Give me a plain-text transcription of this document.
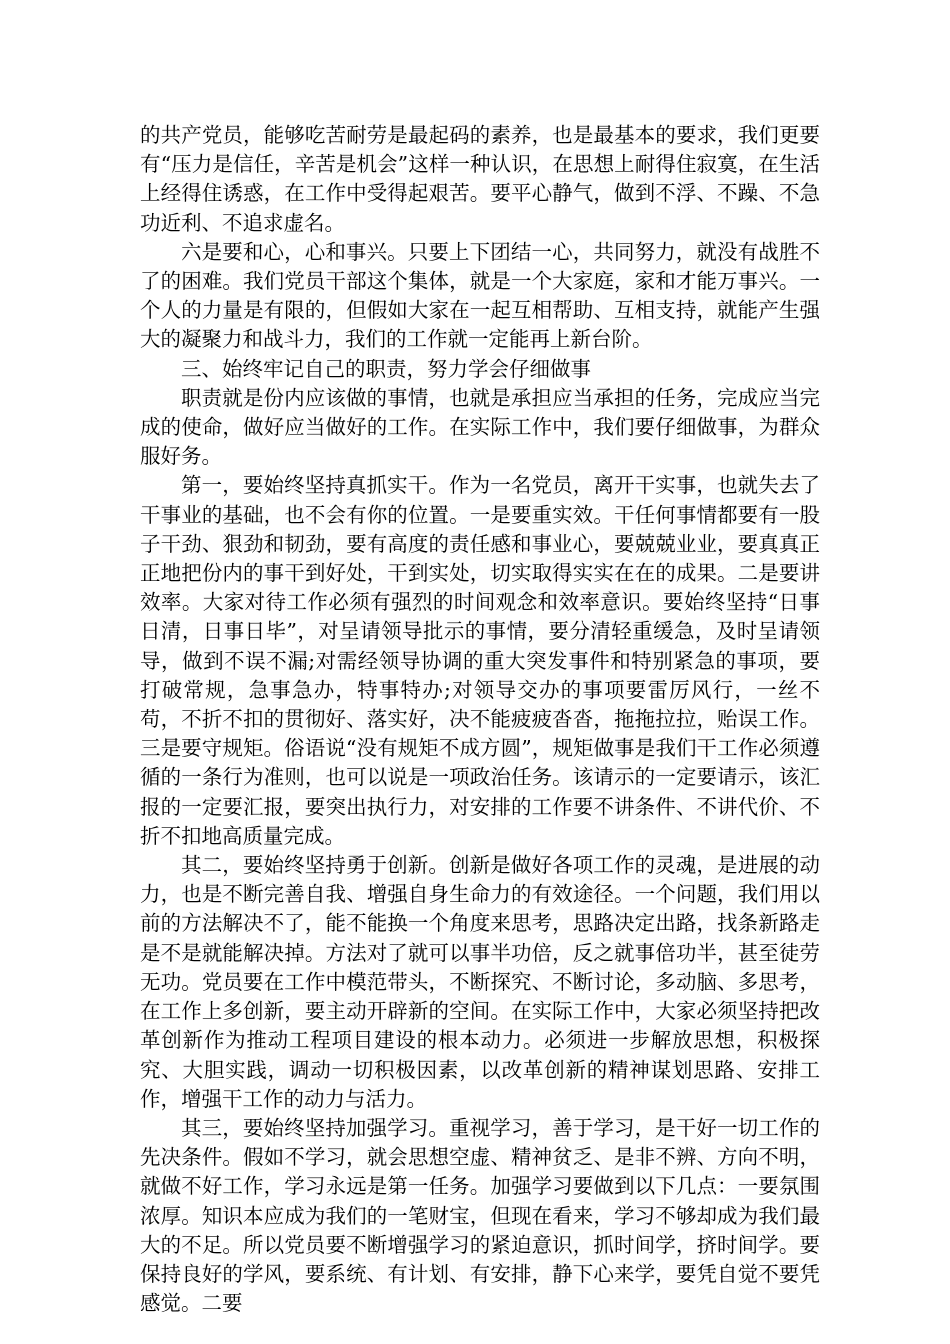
的共产党员，能够吃苦耐劳是最起码的素养，也是最基本的要求，我们更要有“压力是信任，辛苦是机会”这样一种认识，在思想上耐得住寂寞，在生活上经得住诱惑，在工作中受得起艰苦。要平心静气，做到不浮、不躁、不急功近利、不追求虚名。

六是要和心，心和事兴。只要上下团结一心，共同努力，就没有战胜不了的困难。我们党员干部这个集体，就是一个大家庭，家和才能万事兴。一个人的力量是有限的，但假如大家在一起互相帮助、互相支持，就能产生强大的凝聚力和战斗力，我们的工作就一定能再上新台阶。

三、始终牢记自己的职责，努力学会仔细做事

职责就是份内应该做的事情，也就是承担应当承担的任务，完成应当完成的使命，做好应当做好的工作。在实际工作中，我们要仔细做事，为群众服好务。

第一，要始终坚持真抓实干。作为一名党员，离开干实事，也就失去了干事业的基础，也不会有你的位置。一是要重实效。干任何事情都要有一股子干劲、狠劲和韧劲，要有高度的责任感和事业心，要兢兢业业，要真真正正地把份内的事干到好处，干到实处，切实取得实实在在的成果。二是要讲效率。大家对待工作必须有强烈的时间观念和效率意识。要始终坚持“日事日清，日事日毕”，对呈请领导批示的事情，要分清轻重缓急，及时呈请领导，做到不误不漏;对需经领导协调的重大突发事件和特别紧急的事项，要打破常规，急事急办，特事特办;对领导交办的事项要雷厉风行，一丝不苟，不折不扣的贯彻好、落实好，决不能疲疲沓沓，拖拖拉拉，贻误工作。三是要守规矩。俗语说“没有规矩不成方圆”，规矩做事是我们干工作必须遵循的一条行为准则，也可以说是一项政治任务。该请示的一定要请示，该汇报的一定要汇报，要突出执行力，对安排的工作要不讲条件、不讲代价、不折不扣地高质量完成。

其二，要始终坚持勇于创新。创新是做好各项工作的灵魂，是进展的动力，也是不断完善自我、增强自身生命力的有效途径。一个问题，我们用以前的方法解决不了，能不能换一个角度来思考，思路决定出路，找条新路走是不是就能解决掉。方法对了就可以事半功倍，反之就事倍功半，甚至徒劳无功。党员要在工作中模范带头，不断探究、不断讨论，多动脑、多思考，在工作上多创新，要主动开辟新的空间。在实际工作中，大家必须坚持把改革创新作为推动工程项目建设的根本动力。必须进一步解放思想，积极探究、大胆实践，调动一切积极因素，以改革创新的精神谋划思路、安排工作，增强干工作的动力与活力。

其三，要始终坚持加强学习。重视学习，善于学习，是干好一切工作的先决条件。假如不学习，就会思想空虚、精神贫乏、是非不辨、方向不明，就做不好工作，学习永远是第一任务。加强学习要做到以下几点：一要氛围浓厚。知识本应成为我们的一笔财宝，但现在看来，学习不够却成为我们最大的不足。所以党员要不断增强学习的紧迫意识，抓时间学，挤时间学。要保持良好的学风，要系统、有计划、有安排，静下心来学，要凭自觉不要凭感觉。二要
